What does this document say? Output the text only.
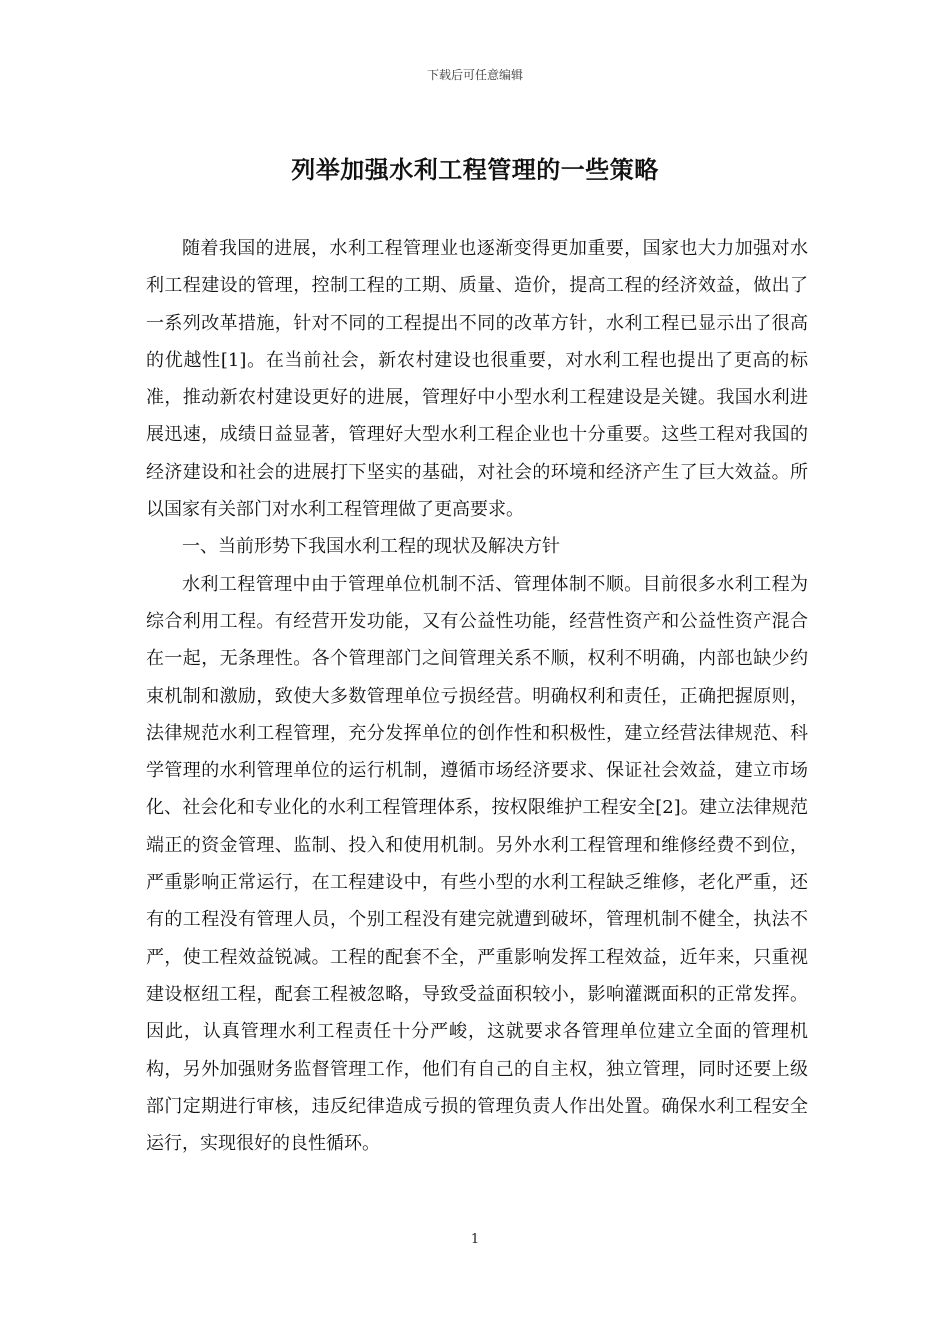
下载后可任意编辑
列举加强水利工程管理的一些策略

随着我国的进展，水利工程管理业也逐渐变得更加重要，国家也大力加强对水利工程建设的管理，控制工程的工期、质量、造价，提高工程的经济效益，做出了一系列改革措施，针对不同的工程提出不同的改革方针，水利工程已显示出了很高的优越性[1]。在当前社会，新农村建设也很重要，对水利工程也提出了更高的标准，推动新农村建设更好的进展，管理好中小型水利工程建设是关键。我国水利进展迅速，成绩日益显著，管理好大型水利工程企业也十分重要。这些工程对我国的经济建设和社会的进展打下坚实的基础，对社会的环境和经济产生了巨大效益。所以国家有关部门对水利工程管理做了更高要求。

一、当前形势下我国水利工程的现状及解决方针

水利工程管理中由于管理单位机制不活、管理体制不顺。目前很多水利工程为综合利用工程。有经营开发功能，又有公益性功能，经营性资产和公益性资产混合在一起，无条理性。各个管理部门之间管理关系不顺，权利不明确，内部也缺少约束机制和激励，致使大多数管理单位亏损经营。明确权利和责任，正确把握原则，法律规范水利工程管理，充分发挥单位的创作性和积极性，建立经营法律规范、科学管理的水利管理单位的运行机制，遵循市场经济要求、保证社会效益，建立市场化、社会化和专业化的水利工程管理体系，按权限维护工程安全[2]。建立法律规范端正的资金管理、监制、投入和使用机制。另外水利工程管理和维修经费不到位，严重影响正常运行，在工程建设中，有些小型的水利工程缺乏维修，老化严重，还有的工程没有管理人员，个别工程没有建完就遭到破坏，管理机制不健全，执法不严，使工程效益锐减。工程的配套不全，严重影响发挥工程效益，近年来，只重视建设枢纽工程，配套工程被忽略，导致受益面积较小，影响灌溉面积的正常发挥。因此，认真管理水利工程责任十分严峻，这就要求各管理单位建立全面的管理机构，另外加强财务监督管理工作，他们有自己的自主权，独立管理，同时还要上级部门定期进行审核，违反纪律造成亏损的管理负责人作出处置。确保水利工程安全运行，实现很好的良性循环。

1
